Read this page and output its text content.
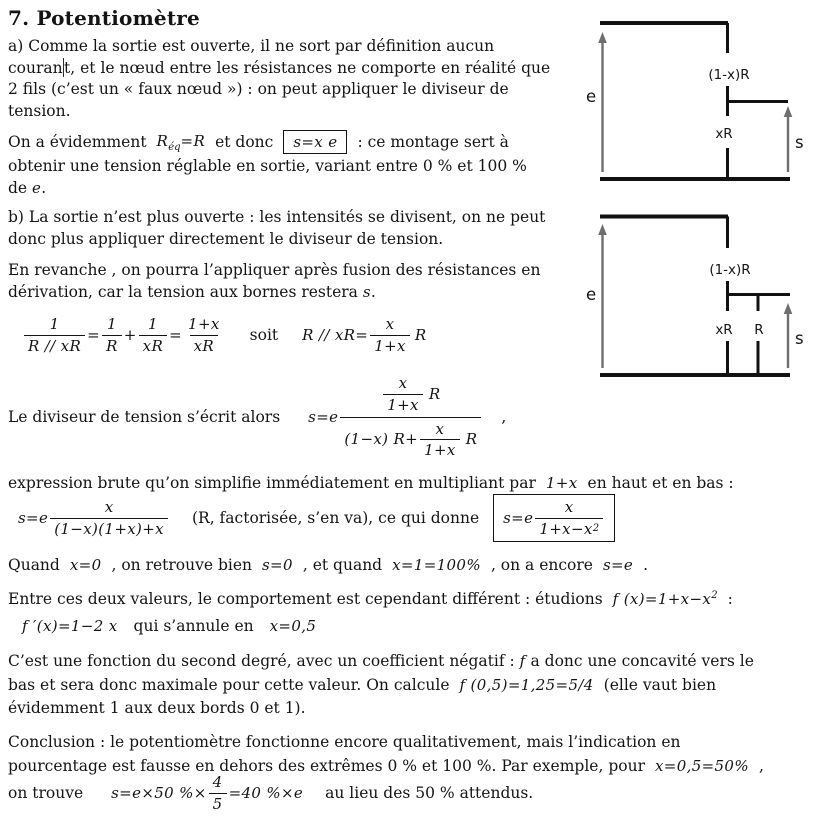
7. Potentiomètre
a) Comme la sortie est ouverte, il ne sort par définition aucun
courant, et le nœud entre les résistances ne comporte en réalité que
2 fils (c’est un « faux nœud ») : on peut appliquer le diviseur de
tension.
On a évidemment $R_{éq}=R$ et donc s=x e : ce montage sert à
obtenir une tension réglable en sortie, variant entre 0 % et 100 %
de e.
b) La sortie n’est plus ouverte : les intensités se divisent, on ne peut
donc plus appliquer directement le diviseur de tension.
En revanche , on pourra l’appliquer après fusion des résistances en
dérivation, car la tension aux bornes restera s.
$\frac{1}{R // xR} = \frac{1}{R} + \frac{1}{xR} = \frac{1+x}{xR}$ soit $R // xR= \frac{x}{1+x}$ R
Le diviseur de tension s’écrit alors $s=e \frac{\frac{x}{1+x} R}{(1-x) R+ \frac{x}{1+x} R}$ ,
expression brute qu’on simplifie immédiatement en multipliant par 1+x en haut et en bas :
$s=e \frac{x}{(1-x)(1+x)+x} (R$, factorisée, s’en va), ce qui donne $s=e \frac{x}{1+x-x 2}$
Quand x=0 , on retrouve bien s=0 , et quand x=1=100% , on a encore s=e .
Entre ces deux valeurs, le comportement est cependant différent : étudions f $(x)=1+x-x^2$ :
f ′(x)=1−2 x qui s’annule en x=0,5
C’est une fonction du second degré, avec un coefficient négatif : f a donc une concavité vers le
bas et sera donc maximale pour cette valeur. On calcule f (0,5)=1,25=5/4 (elle vaut bien
évidemment 1 aux deux bords 0 et 1).
Conclusion : le potentiomètre fonctionne encore qualitativement, mais l’indication en
pourcentage est fausse en dehors des extrêmes 0 % et 100 %. Par exemple, pour x=0,5=50% ,
on trouve s=e×50 %× $\frac{4}{5} =40$ %×e au lieu des 50 % attendus.
(1-x)R
xR
e
s
(1-x)R
xR R
e
s
